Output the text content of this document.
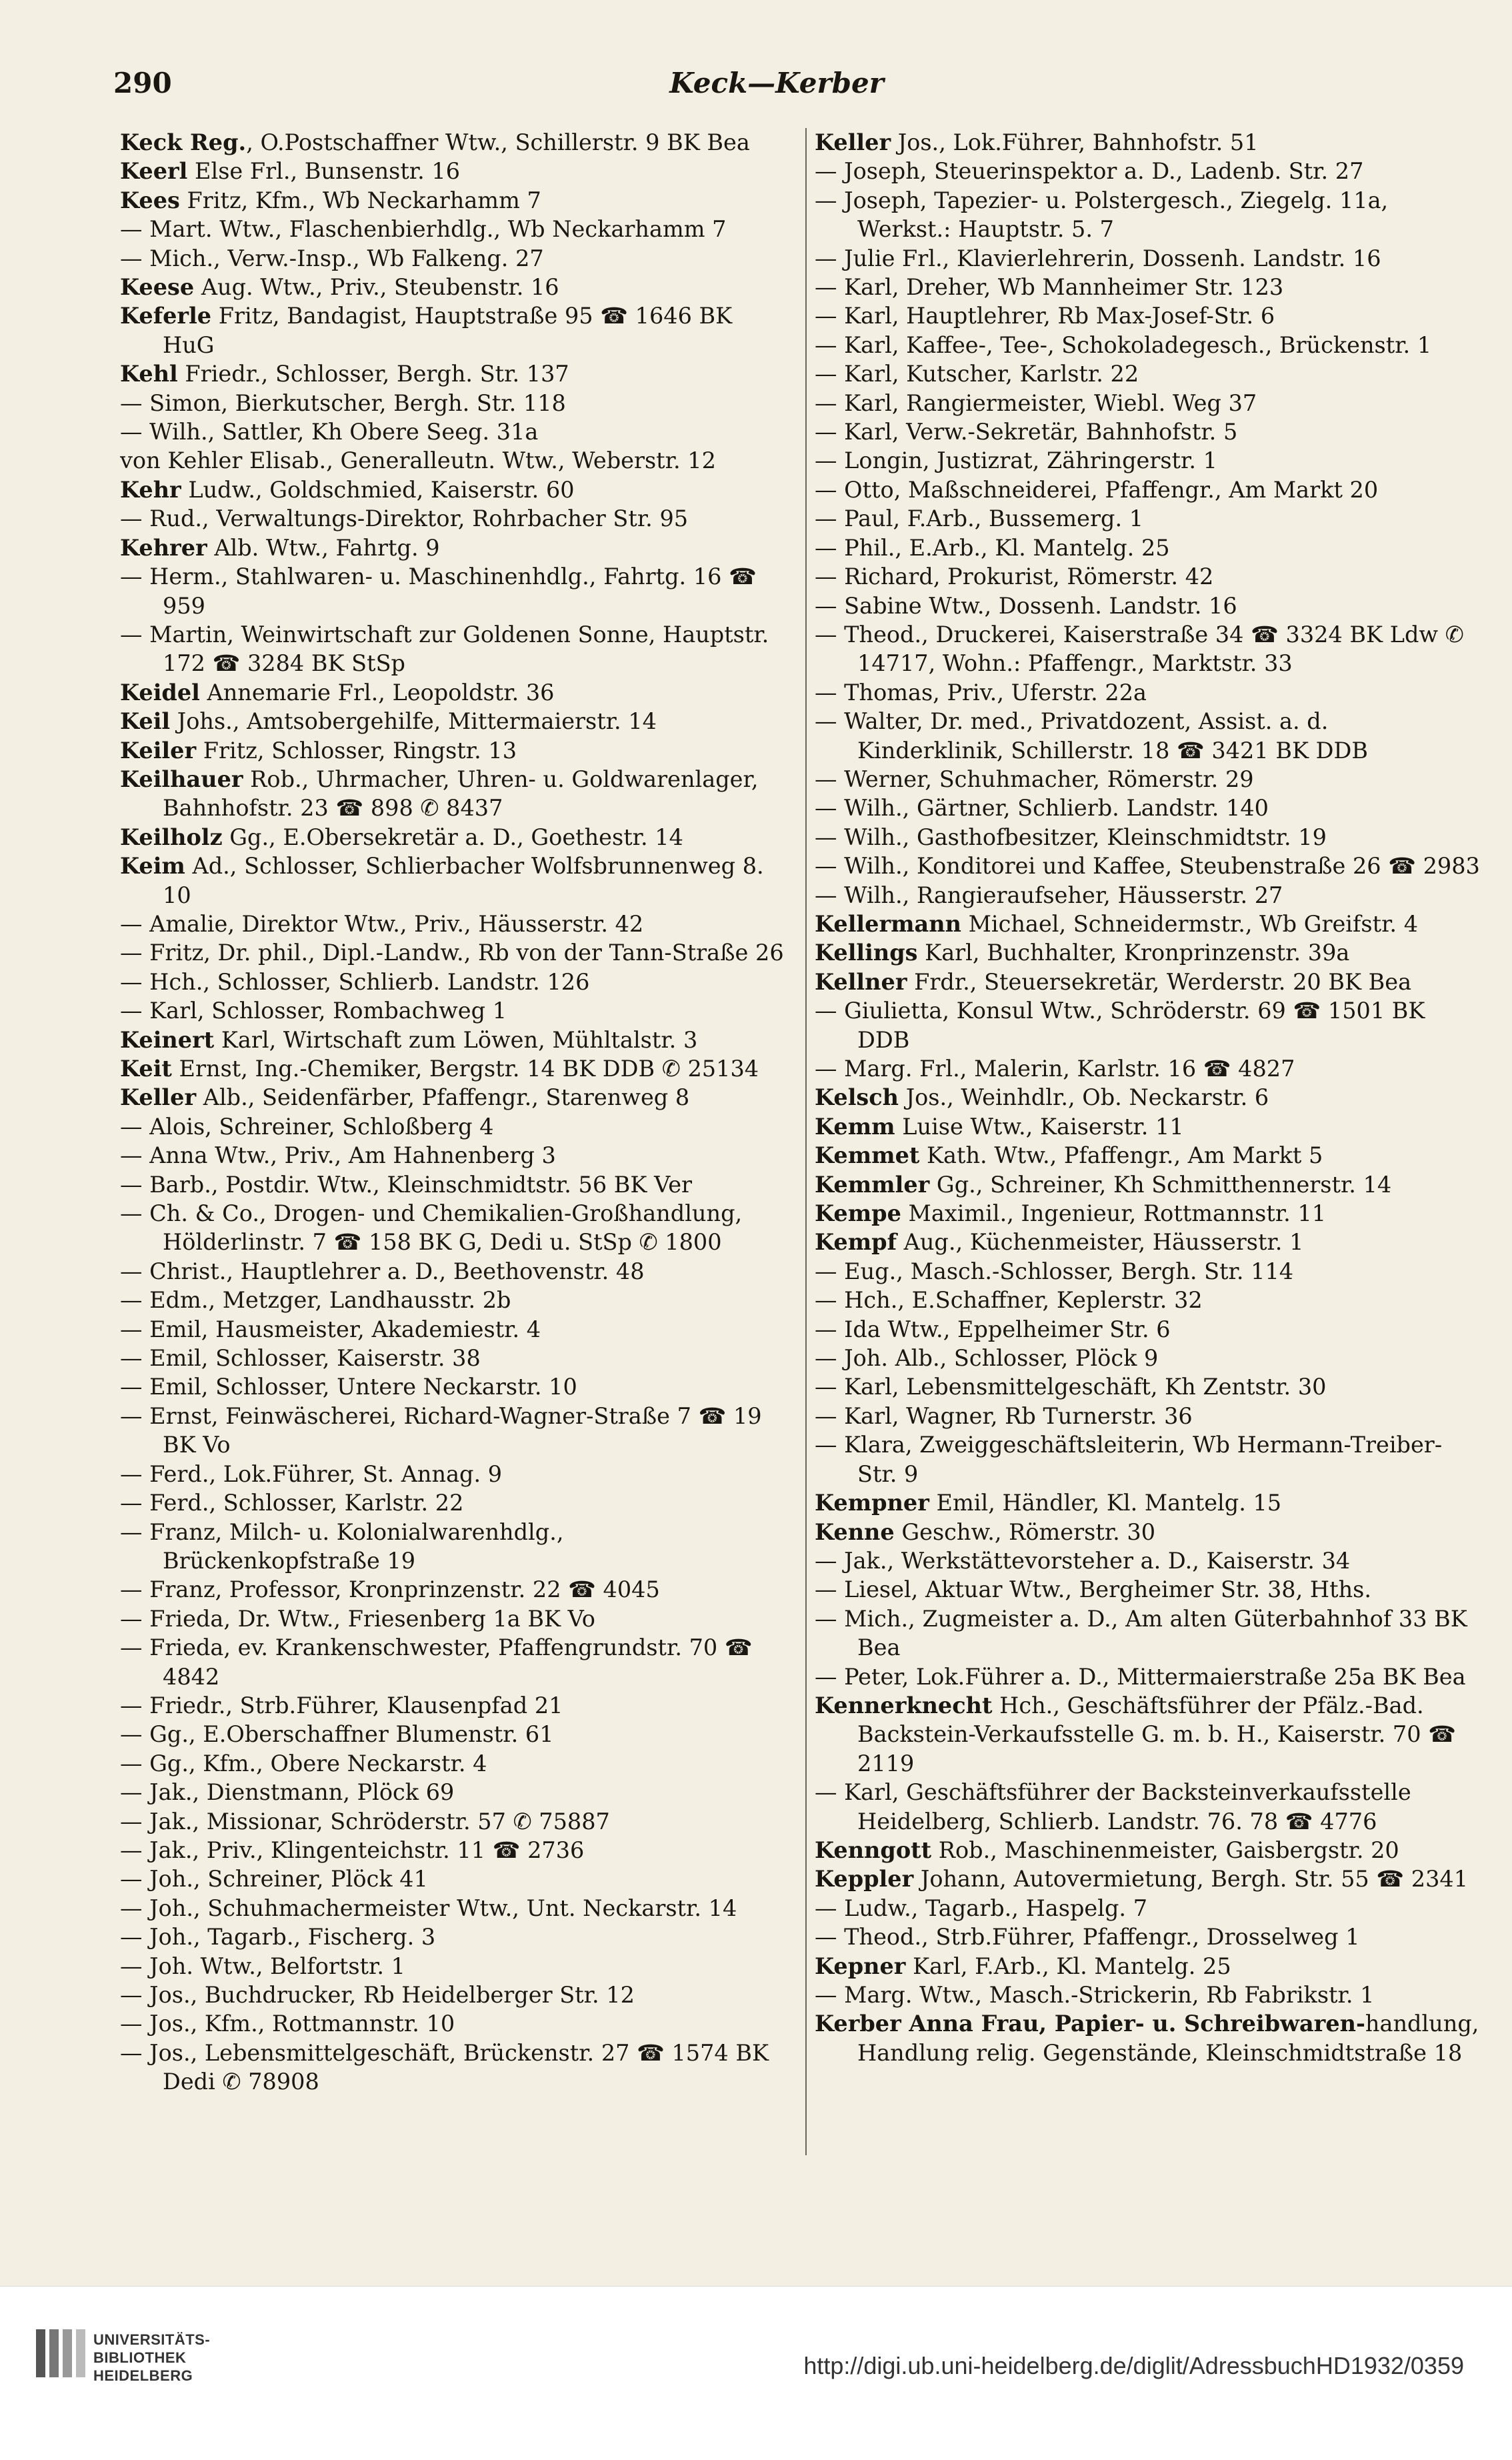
290	Keck—Kerber
Keck Reg., O.Postschaffner Wtw., Schillerstr. 9 BK Bea
Keerl Else Frl., Bunsenstr. 16
Kees Fritz, Kfm., Wb Neckarhamm 7
— Mart. Wtw., Flaschenbierhdlg., Wb Neckarhamm 7
— Mich., Verw.-Insp., Wb Falkeng. 27
Keese Aug. Wtw., Priv., Steubenstr. 16
Keferle Fritz, Bandagist, Hauptstraße 95 ☎ 1646 BK HuG
Kehl Friedr., Schlosser, Bergh. Str. 137
— Simon, Bierkutscher, Bergh. Str. 118
— Wilh., Sattler, Kh Obere Seeg. 31a
von Kehler Elisab., Generalleutn. Wtw., Weberstr. 12
Kehr Ludw., Goldschmied, Kaiserstr. 60
— Rud., Verwaltungs-Direktor, Rohrbacher Str. 95
Kehrer Alb. Wtw., Fahrtg. 9
— Herm., Stahlwaren- u. Maschinenhdlg., Fahrtg. 16 ☎ 959
— Martin, Weinwirtschaft zur Goldenen Sonne, Hauptstr. 172 ☎ 3284 BK StSp
Keidel Annemarie Frl., Leopoldstr. 36
Keil Johs., Amtsobergehilfe, Mittermaierstr. 14
Keiler Fritz, Schlosser, Ringstr. 13
Keilhauer Rob., Uhrmacher, Uhren- u. Goldwarenlager, Bahnhofstr. 23 ☎ 898 ✆ 8437
Keilholz Gg., E.Obersekretär a. D., Goethestr. 14
Keim Ad., Schlosser, Schlierbacher Wolfsbrunnenweg 8. 10
— Amalie, Direktor Wtw., Priv., Häusserstr. 42
— Fritz, Dr. phil., Dipl.-Landw., Rb von der Tann-Straße 26
— Hch., Schlosser, Schlierb. Landstr. 126
— Karl, Schlosser, Rombachweg 1
Keinert Karl, Wirtschaft zum Löwen, Mühltalstr. 3
Keit Ernst, Ing.-Chemiker, Bergstr. 14 BK DDB ✆ 25134
Keller Alb., Seidenfärber, Pfaffengr., Starenweg 8
— Alois, Schreiner, Schloßberg 4
— Anna Wtw., Priv., Am Hahnenberg 3
— Barb., Postdir. Wtw., Kleinschmidtstr. 56 BK Ver
— Ch. & Co., Drogen- und Chemikalien-Großhandlung, Hölderlinstr. 7 ☎ 158 BK G, Dedi u. StSp ✆ 1800
— Christ., Hauptlehrer a. D., Beethovenstr. 48
— Edm., Metzger, Landhausstr. 2b
— Emil, Hausmeister, Akademiestr. 4
— Emil, Schlosser, Kaiserstr. 38
— Emil, Schlosser, Untere Neckarstr. 10
— Ernst, Feinwäscherei, Richard-Wagner-Straße 7 ☎ 19 BK Vo
— Ferd., Lok.Führer, St. Annag. 9
— Ferd., Schlosser, Karlstr. 22
— Franz, Milch- u. Kolonialwarenhdlg., Brückenkopfstraße 19
— Franz, Professor, Kronprinzenstr. 22 ☎ 4045
— Frieda, Dr. Wtw., Friesenberg 1a BK Vo
— Frieda, ev. Krankenschwester, Pfaffengrundstr. 70 ☎ 4842
— Friedr., Strb.Führer, Klausenpfad 21
— Gg., E.Oberschaffner Blumenstr. 61
— Gg., Kfm., Obere Neckarstr. 4
— Jak., Dienstmann, Plöck 69
— Jak., Missionar, Schröderstr. 57 ✆ 75887
— Jak., Priv., Klingenteichstr. 11 ☎ 2736
— Joh., Schreiner, Plöck 41
— Joh., Schuhmachermeister Wtw., Unt. Neckarstr. 14
— Joh., Tagarb., Fischerg. 3
— Joh. Wtw., Belfortstr. 1
— Jos., Buchdrucker, Rb Heidelberger Str. 12
— Jos., Kfm., Rottmannstr. 10
— Jos., Lebensmittelgeschäft, Brückenstr. 27 ☎ 1574 BK Dedi ✆ 78908
Keller Jos., Lok.Führer, Bahnhofstr. 51
— Joseph, Steuerinspektor a. D., Ladenb. Str. 27
— Joseph, Tapezier- u. Polstergesch., Ziegelg. 11a, Werkst.: Hauptstr. 5. 7
— Julie Frl., Klavierlehrerin, Dossenh. Landstr. 16
— Karl, Dreher, Wb Mannheimer Str. 123
— Karl, Hauptlehrer, Rb Max-Josef-Str. 6
— Karl, Kaffee-, Tee-, Schokoladegesch., Brückenstr. 1
— Karl, Kutscher, Karlstr. 22
— Karl, Rangiermeister, Wiebl. Weg 37
— Karl, Verw.-Sekretär, Bahnhofstr. 5
— Longin, Justizrat, Zähringerstr. 1
— Otto, Maßschneiderei, Pfaffengr., Am Markt 20
— Paul, F.Arb., Bussemerg. 1
— Phil., E.Arb., Kl. Mantelg. 25
— Richard, Prokurist, Römerstr. 42
— Sabine Wtw., Dossenh. Landstr. 16
— Theod., Druckerei, Kaiserstraße 34 ☎ 3324 BK Ldw ✆ 14717, Wohn.: Pfaffengr., Marktstr. 33
— Thomas, Priv., Uferstr. 22a
— Walter, Dr. med., Privatdozent, Assist. a. d. Kinderklinik, Schillerstr. 18 ☎ 3421 BK DDB
— Werner, Schuhmacher, Römerstr. 29
— Wilh., Gärtner, Schlierb. Landstr. 140
— Wilh., Gasthofbesitzer, Kleinschmidtstr. 19
— Wilh., Konditorei und Kaffee, Steubenstraße 26 ☎ 2983
— Wilh., Rangieraufseher, Häusserstr. 27
Kellermann Michael, Schneidermstr., Wb Greifstr. 4
Kellings Karl, Buchhalter, Kronprinzenstr. 39a
Kellner Frdr., Steuersekretär, Werderstr. 20 BK Bea
— Giulietta, Konsul Wtw., Schröderstr. 69 ☎ 1501 BK DDB
— Marg. Frl., Malerin, Karlstr. 16 ☎ 4827
Kelsch Jos., Weinhdlr., Ob. Neckarstr. 6
Kemm Luise Wtw., Kaiserstr. 11
Kemmet Kath. Wtw., Pfaffengr., Am Markt 5
Kemmler Gg., Schreiner, Kh Schmitthennerstr. 14
Kempe Maximil., Ingenieur, Rottmannstr. 11
Kempf Aug., Küchenmeister, Häusserstr. 1
— Eug., Masch.-Schlosser, Bergh. Str. 114
— Hch., E.Schaffner, Keplerstr. 32
— Ida Wtw., Eppelheimer Str. 6
— Joh. Alb., Schlosser, Plöck 9
— Karl, Lebensmittelgeschäft, Kh Zentstr. 30
— Karl, Wagner, Rb Turnerstr. 36
— Klara, Zweiggeschäftsleiterin, Wb Hermann-Treiber-Str. 9
Kempner Emil, Händler, Kl. Mantelg. 15
Kenne Geschw., Römerstr. 30
— Jak., Werkstättevorsteher a. D., Kaiserstr. 34
— Liesel, Aktuar Wtw., Bergheimer Str. 38, Hths.
— Mich., Zugmeister a. D., Am alten Güterbahnhof 33 BK Bea
— Peter, Lok.Führer a. D., Mittermaierstraße 25a BK Bea
Kennerknecht Hch., Geschäftsführer der Pfälz.-Bad. Backstein-Verkaufsstelle G. m. b. H., Kaiserstr. 70 ☎ 2119
— Karl, Geschäftsführer der Backsteinverkaufsstelle Heidelberg, Schlierb. Landstr. 76. 78 ☎ 4776
Kenngott Rob., Maschinenmeister, Gaisbergstr. 20
Keppler Johann, Autovermietung, Bergh. Str. 55 ☎ 2341
— Ludw., Tagarb., Haspelg. 7
— Theod., Strb.Führer, Pfaffengr., Drosselweg 1
Kepner Karl, F.Arb., Kl. Mantelg. 25
— Marg. Wtw., Masch.-Strickerin, Rb Fabrikstr. 1
Kerber Anna Frau, Papier- u. Schreibwaren-handlung, Handlung relig. Gegenstände, Kleinschmidtstraße 18
UNIVERSITÄTS-
BIBLIOTHEK
HEIDELBERG	http://digi.ub.uni-heidelberg.de/diglit/AdressbuchHD1932/0359
